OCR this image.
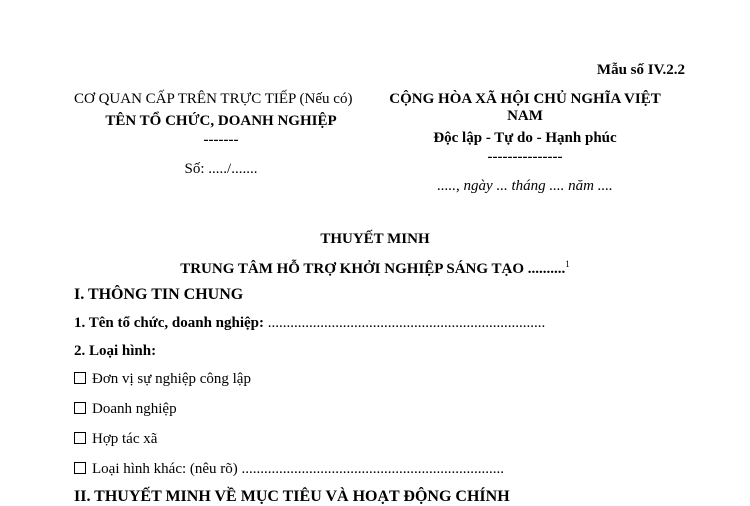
Mẫu số IV.2.2
CƠ QUAN CẤP TRÊN TRỰC TIẾP (Nếu có)
TÊN TỔ CHỨC, DOANH NGHIỆP
-------
Số: ...../.......
CỘNG HÒA XÃ HỘI CHỦ NGHĨA VIỆT NAM
Độc lập - Tự do - Hạnh phúc
---------------
....., ngày ... tháng .... năm ....
THUYẾT MINH
TRUNG TÂM HỖ TRỢ KHỞI NGHIỆP SÁNG TẠO ..........$^1$
I. THÔNG TIN CHUNG
1. Tên tổ chức, doanh nghiệp: ..........................................................................
2. Loại hình:
Đơn vị sự nghiệp công lập
Doanh nghiệp
Hợp tác xã
Loại hình khác: (nêu rõ) ......................................................................
II. THUYẾT MINH VỀ MỤC TIÊU VÀ HOẠT ĐỘNG CHÍNH
